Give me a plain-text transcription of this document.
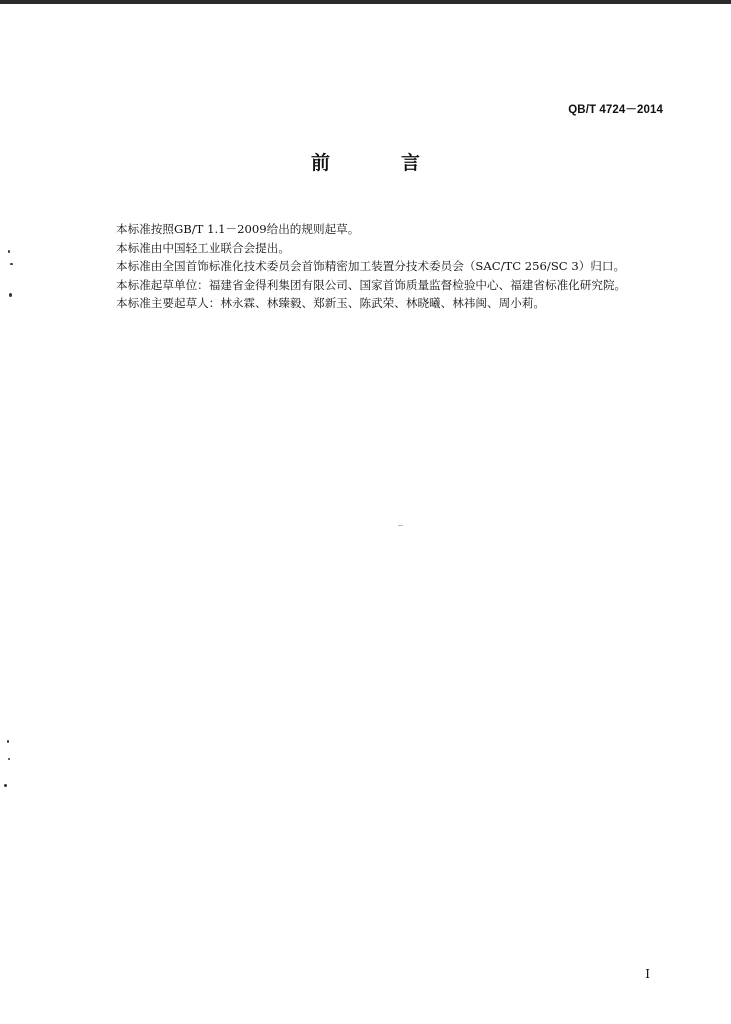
QB/T 4724－2014
前　言

本标准按照GB/T 1.1－2009给出的规则起草。

本标准由中国轻工业联合会提出。

本标准由全国首饰标准化技术委员会首饰精密加工装置分技术委员会（SAC/TC 256/SC 3）归口。

本标准起草单位：福建省金得利集团有限公司、国家首饰质量监督检验中心、福建省标准化研究院。

本标准主要起草人：林永霖、林臻毅、郑新玉、陈武荣、林晓曦、林祎闽、周小莉。

I
